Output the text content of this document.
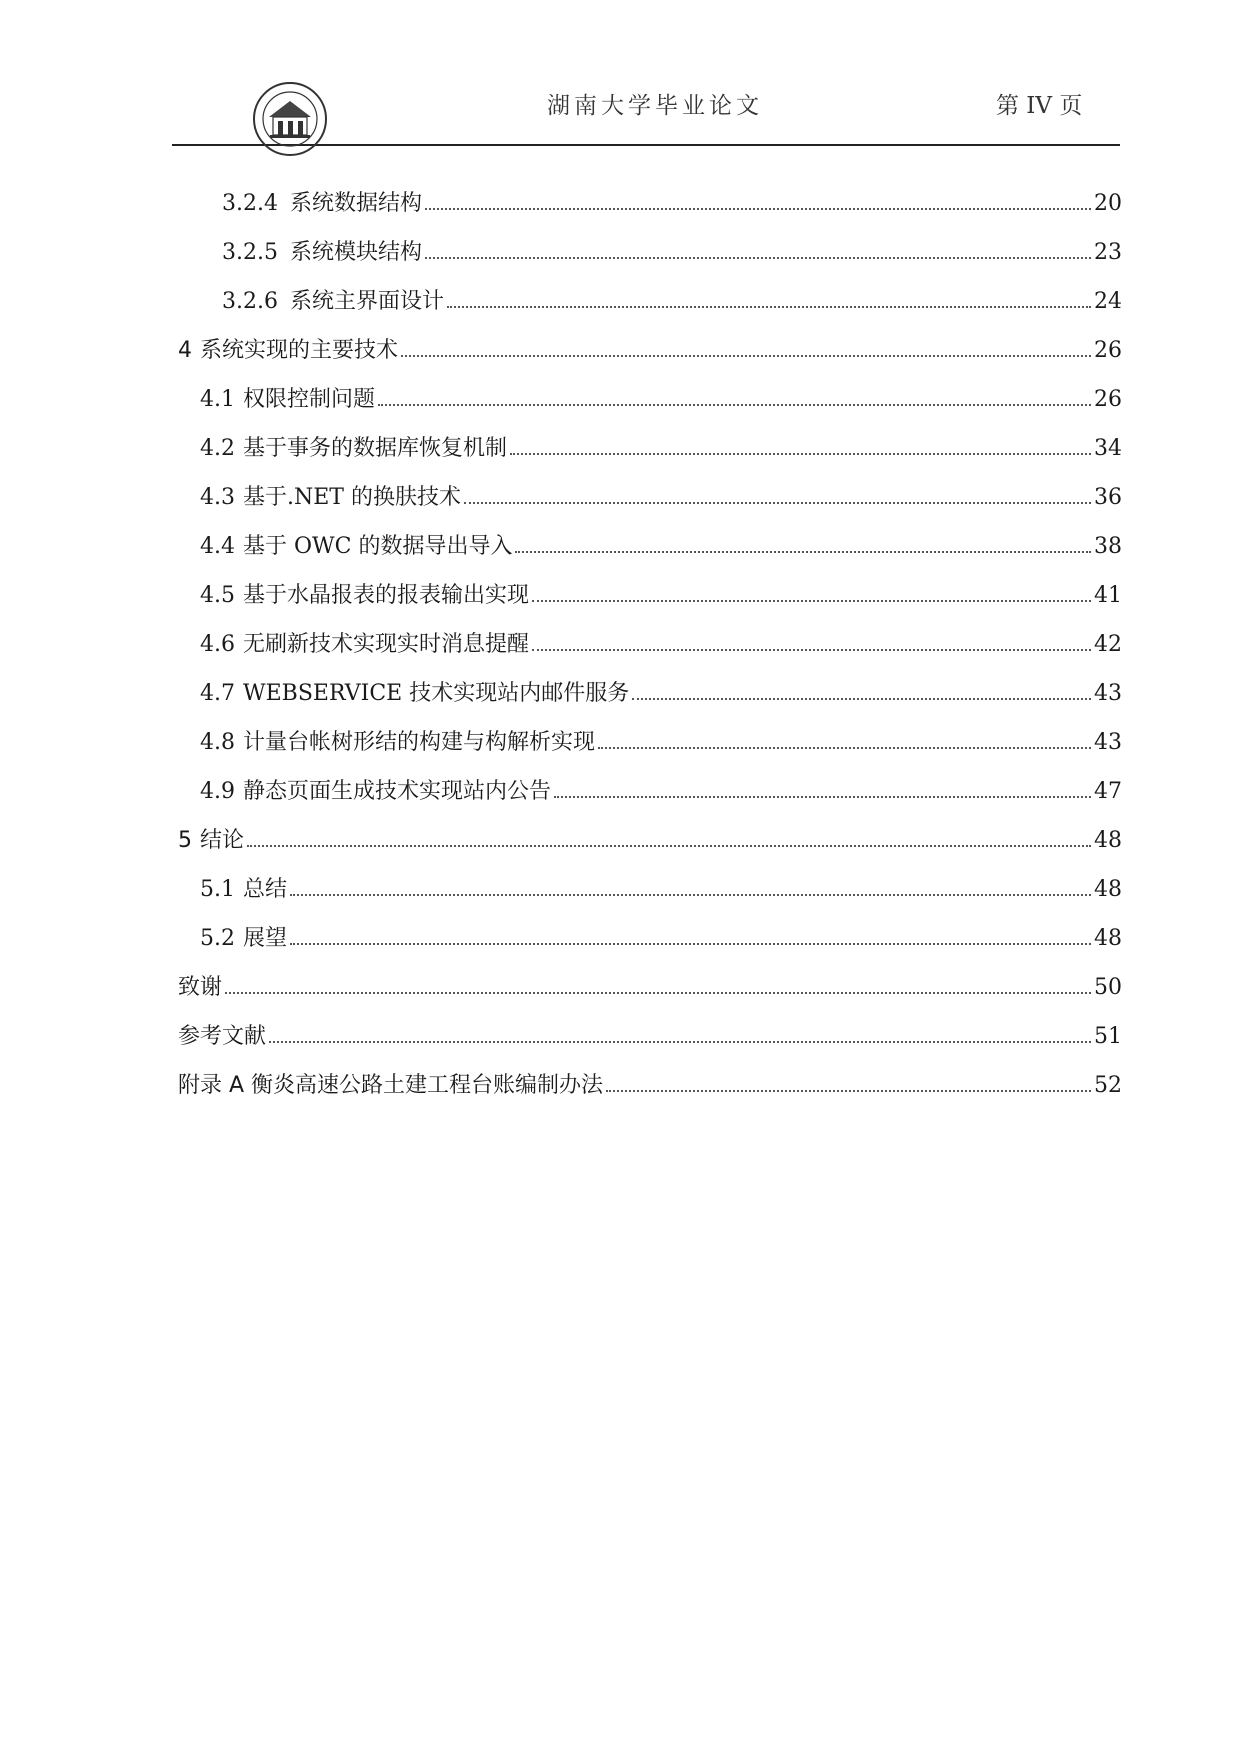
湖南大学毕业论文	第 IV 页
3.2.4 系统数据结构	20
3.2.5 系统模块结构	23
3.2.6 系统主界面设计	24
4 系统实现的主要技术	26
4.1 权限控制问题	26
4.2 基于事务的数据库恢复机制	34
4.3 基于.NET 的换肤技术	36
4.4 基于 OWC 的数据导出导入	38
4.5 基于水晶报表的报表输出实现	41
4.6 无刷新技术实现实时消息提醒	42
4.7 WEBSERVICE 技术实现站内邮件服务	43
4.8 计量台帐树形结的构建与构解析实现	43
4.9 静态页面生成技术实现站内公告	47
5 结论	48
5.1 总结	48
5.2 展望	48
致谢	50
参考文献	51
附录 A 衡炎高速公路土建工程台账编制办法	52
